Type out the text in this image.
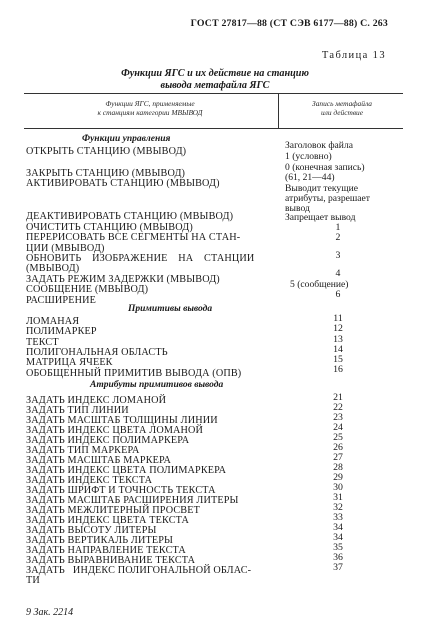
ГОСТ 27817—88 (СТ СЭВ 6177—88) С. 263
Таблица 13
Функции ЯГС и их действие на станцию
вывода метафайла ЯГС
Функции ЯГС, применяемые
к станциям категории МВЫВОД
Запись метафайла
или действие
Функции управления
ОТКРЫТЬ СТАНЦИЮ (МВЫВОД)
ЗАКРЫТЬ СТАНЦИЮ (МВЫВОД)
АКТИВИРОВАТЬ СТАНЦИЮ (МВЫВОД)
ДЕАКТИВИРОВАТЬ СТАНЦИЮ (МВЫВОД)
ОЧИСТИТЬ СТАНЦИЮ (МВЫВОД)
ПЕРЕРИСОВАТЬ ВСЕ СЕГМЕНТЫ НА СТАН-
ЦИИ (МВЫВОД)
ОБНОВИТЬ    ИЗОБРАЖЕНИЕ    НА    СТАНЦИИ
(МВЫВОД)
ЗАДАТЬ РЕЖИМ ЗАДЕРЖКИ (МВЫВОД)
СООБЩЕНИЕ (МВЫВОД)
РАСШИРЕНИЕ
Заголовок файла
1 (условно)
0 (конечная запись)
(61, 21—44)
Выводит текущие
атрибуты, разрешает
вывод
Запрещает вывод
1
2
3
4
5 (сообщение)
6
Примитивы вывода
ЛОМАНАЯ
ПОЛИМАРКЕР
ТЕКСТ
ПОЛИГОНАЛЬНАЯ ОБЛАСТЬ
МАТРИЦА ЯЧЕЕК
ОБОБЩЕННЫЙ ПРИМИТИВ ВЫВОДА (ОПВ)
11
12
13
14
15
16
Атрибуты примитивов вывода
ЗАДАТЬ ИНДЕКС ЛОМАНОЙ
ЗАДАТЬ ТИП ЛИНИИ
ЗАДАТЬ МАСШТАБ ТОЛЩИНЫ ЛИНИИ
ЗАДАТЬ ИНДЕКС ЦВЕТА ЛОМАНОЙ
ЗАДАТЬ ИНДЕКС ПОЛИМАРКЕРА
ЗАДАТЬ ТИП МАРКЕРА
ЗАДАТЬ МАСШТАБ МАРКЕРА
ЗАДАТЬ ИНДЕКС ЦВЕТА ПОЛИМАРКЕРА
ЗАДАТЬ ИНДЕКС ТЕКСТА
ЗАДАТЬ ШРИФТ И ТОЧНОСТЬ ТЕКСТА
ЗАДАТЬ МАСШТАБ РАСШИРЕНИЯ ЛИТЕРЫ
ЗАДАТЬ МЕЖЛИТЕРНЫЙ ПРОСВЕТ
ЗАДАТЬ ИНДЕКС ЦВЕТА ТЕКСТА
ЗАДАТЬ ВЫСОТУ ЛИТЕРЫ
ЗАДАТЬ ВЕРТИКАЛЬ ЛИТЕРЫ
ЗАДАТЬ НАПРАВЛЕНИЕ ТЕКСТА
ЗАДАТЬ ВЫРАВНИВАНИЕ ТЕКСТА
ЗАДАТЬ   ИНДЕКС ПОЛИГОНАЛЬНОЙ ОБЛАС-
ТИ
21
22
23
24
25
26
27
28
29
30
31
32
33
34
34
35
36
37
9 Зак. 2214
